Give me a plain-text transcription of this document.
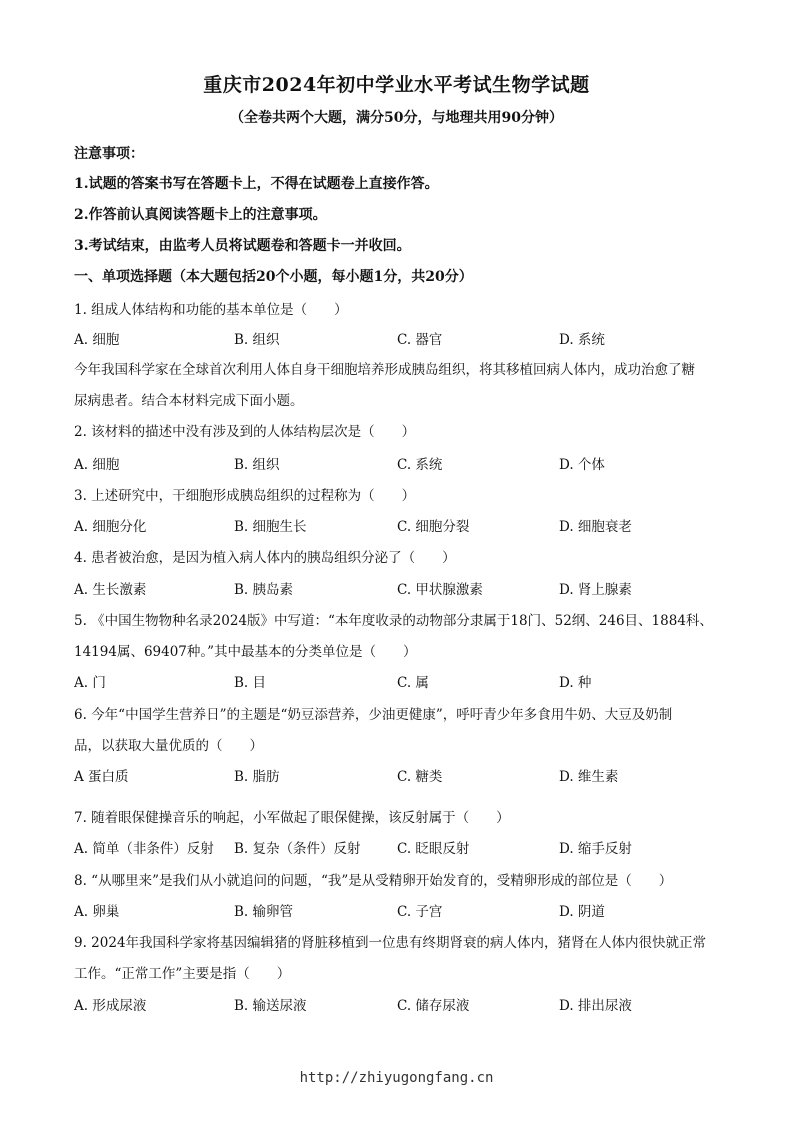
重庆市2024年初中学业水平考试生物学试题
（全卷共两个大题，满分50分，与地理共用90分钟）
注意事项：
1.试题的答案书写在答题卡上，不得在试题卷上直接作答。
2.作答前认真阅读答题卡上的注意事项。
3.考试结束，由监考人员将试题卷和答题卡一并收回。
一、单项选择题（本大题包括20个小题，每小题1分，共20分）
1. 组成人体结构和功能的基本单位是（　　）
A. 细胞	B. 组织	C. 器官	D. 系统
今年我国科学家在全球首次利用人体自身干细胞培养形成胰岛组织，将其移植回病人体内，成功治愈了糖
尿病患者。结合本材料完成下面小题。
2. 该材料的描述中没有涉及到的人体结构层次是（　　）
A. 细胞	B. 组织	C. 系统	D. 个体
3. 上述研究中，干细胞形成胰岛组织的过程称为（　　）
A. 细胞分化	B. 细胞生长	C. 细胞分裂	D. 细胞衰老
4. 患者被治愈，是因为植入病人体内的胰岛组织分泌了（　　）
A. 生长激素	B. 胰岛素	C. 甲状腺激素	D. 肾上腺素
5. 《中国生物物种名录2024版》中写道：“本年度收录的动物部分隶属于18门、52纲、246目、1884科、
14194属、69407种。”其中最基本的分类单位是（　　）
A. 门	B. 目	C. 属	D. 种
6. 今年“中国学生营养日”的主题是“奶豆添营养，少油更健康”，呼吁青少年多食用牛奶、大豆及奶制
品，以获取大量优质的（　　）
A 蛋白质	B. 脂肪	C. 糖类	D. 维生素
7. 随着眼保健操音乐的响起，小军做起了眼保健操，该反射属于（　　）
A. 简单（非条件）反射 B. 复杂（条件）反射	C. 眨眼反射	D. 缩手反射
8. “从哪里来”是我们从小就追问的问题，“我”是从受精卵开始发育的，受精卵形成的部位是（　　）
A. 卵巢	B. 输卵管	C. 子宫	D. 阴道
9. 2024年我国科学家将基因编辑猪的肾脏移植到一位患有终期肾衰的病人体内，猪肾在人体内很快就正常
工作。“正常工作”主要是指（　　）
A. 形成尿液	B. 输送尿液	C. 储存尿液	D. 排出尿液
http://zhiyugongfang.cn
